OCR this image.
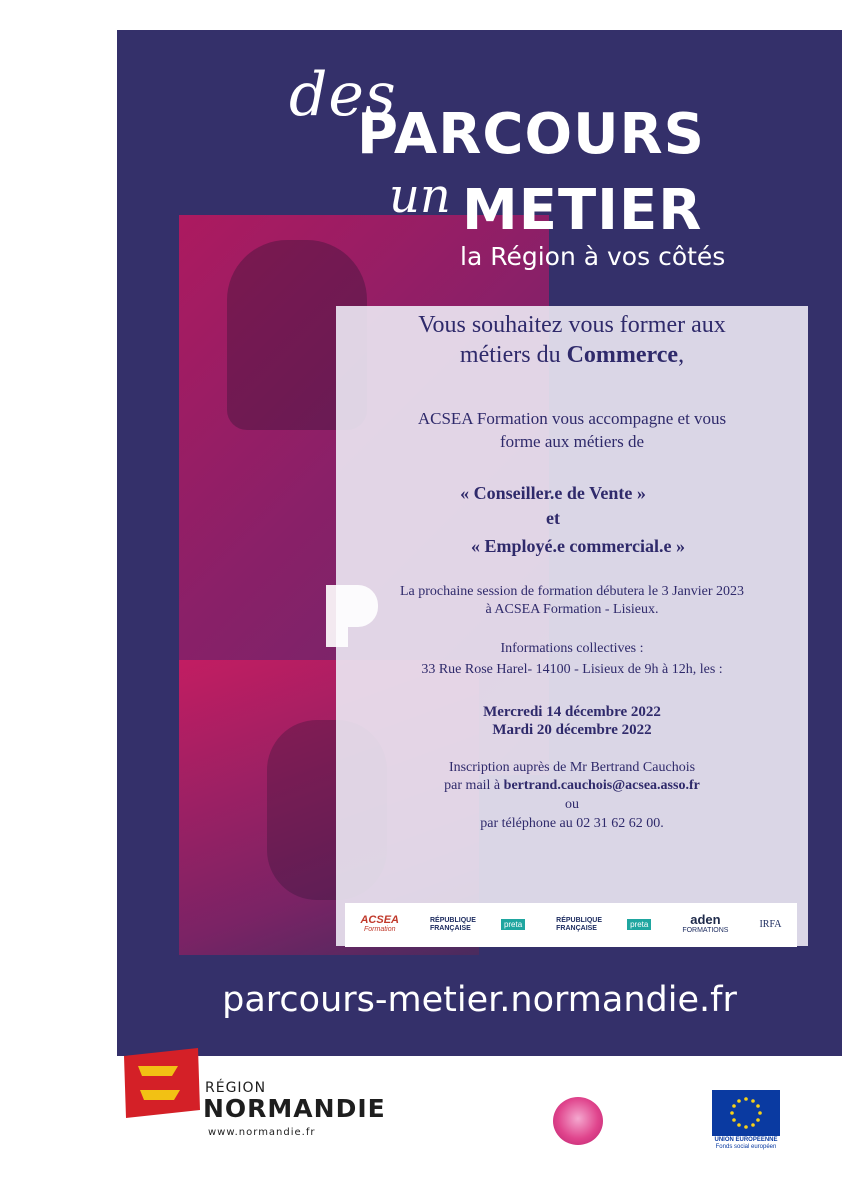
des
PARCOURS
un METIER
la Région à vos côtés

Vous souhaitez vous former aux

métiers du Commerce,

ACSEA Formation vous accompagne et vous

forme aux métiers de

« Conseiller.e de Vente »

et

« Employé.e commercial.e »

La prochaine session de formation débutera le 3 Janvier 2023

à ACSEA Formation - Lisieux.

Informations collectives :

33 Rue Rose Harel- 14100 - Lisieux de 9h à 12h, les :

Mercredi 14 décembre 2022

Mardi 20 décembre 2022

Inscription auprès de Mr Bertrand Cauchois

par mail à bertrand.cauchois@acsea.asso.fr

ou

par téléphone au 02 31 62 62 00.

ACSEA
Formation
RÉPUBLIQUE FRANÇAISE	preta	RÉPUBLIQUE FRANÇAISE	preta	aden
FORMATIONS
IRFA
parcours-metier.normandie.fr
RÉGION
NORMANDIE
www.normandie.fr
UNION EUROPÉENNE
Fonds social européen
